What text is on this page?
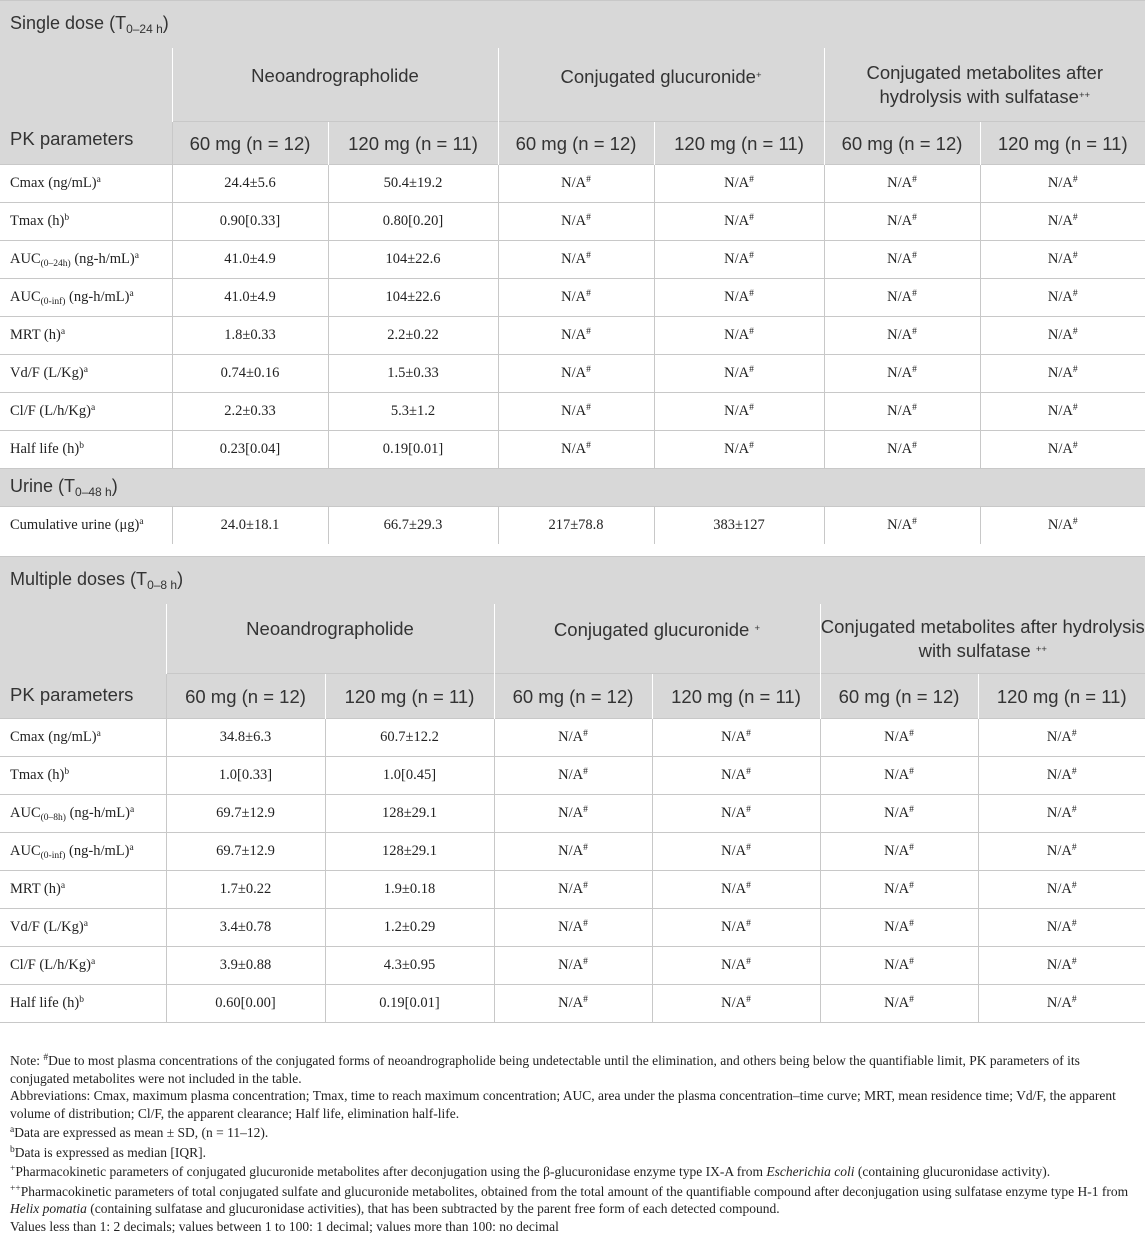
Single dose $(T_{0-24 h})$						
PK parameters	Neoandrographolide		Conjugated glucuronide+		Conjugated metabolites after hydrolysis with sulfatase++
	60 mg (n = 12)	120 mg (n = 11)	60 mg (n = 12)	120 mg (n = 11)	60 mg (n = 12)	120 mg (n = 11)
Cmax $(ng/mL)^a$	24.4±5.6	50.4±19.2	N/A#	N/A#	N/A#	N/A#
Tmax $(h)^b$	0.90[0.33]	0.80[0.20]	N/A#	N/A#	N/A#	N/A#
$AUC_{(0-24h)}$ $(ng-h/mL)^a$	41.0±4.9	104±22.6	N/A#	N/A#	N/A#	N/A#
$AUC_{(0-inf)}$ $(ng-h/mL)^a$	41.0±4.9	104±22.6	N/A#	N/A#	N/A#	N/A#
MRT $(h)^a$	1.8±0.33	2.2±0.22	N/A#	N/A#	N/A#	N/A#
Vd/F $(L/Kg)^a$	0.74±0.16	1.5±0.33	N/A#	N/A#	N/A#	N/A#
Cl/F $(L/h/Kg)^a$	2.2±0.33	5.3±1.2	N/A#	N/A#	N/A#	N/A#
Half life $(h)^b$	0.23[0.04]	0.19[0.01]	N/A#	N/A#	N/A#	N/A#
Urine $(T_{0-48 h})$						
Cumulative urine $(\mu g)^a$	24.0±18.1	66.7±29.3	217±78.8	383±127	N/A#	N/A#
Multiple doses $(T_{0-8 h})$						
PK parameters	Neoandrographolide		Conjugated glucuronide +		Conjugated metabolites after hydrolysis with sulfatase ++
	60 mg (n = 12)	120 mg (n = 11)	60 mg (n = 12)	120 mg (n = 11)	60 mg (n = 12)	120 mg (n = 11)
Cmax $(ng/mL)^a$	34.8±6.3	60.7±12.2	N/A#	N/A#	N/A#	N/A#
Tmax $(h)^b$	1.0[0.33]	1.0[0.45]	N/A#	N/A#	N/A#	N/A#
$AUC_{(0-8h)}$ $(ng-h/mL)^a$	69.7±12.9	128±29.1	N/A#	N/A#	N/A#	N/A#
$AUC_{(0-inf)}$ $(ng-h/mL)^a$	69.7±12.9	128±29.1	N/A#	N/A#	N/A#	N/A#
MRT $(h)^a$	1.7±0.22	1.9±0.18	N/A#	N/A#	N/A#	N/A#
Vd/F $(L/Kg)^a$	3.4±0.78	1.2±0.29	N/A#	N/A#	N/A#	N/A#
Cl/F $(L/h/Kg)^a$	3.9±0.88	4.3±0.95	N/A#	N/A#	N/A#	N/A#
Half life $(h)^b$	0.60[0.00]	0.19[0.01]	N/A#	N/A#	N/A#	N/A#

Note: #Due to most plasma concentrations of the conjugated forms of neoandrographolide being undetectable until the elimination, and others being below the quantifiable limit, PK parameters of its conjugated metabolites were not included in the table.

Abbreviations: Cmax, maximum plasma concentration; Tmax, time to reach maximum concentration; AUC, area under the plasma concentration–time curve; MRT, mean residence time; Vd/F, the apparent volume of distribution; Cl/F, the apparent clearance; Half life, elimination half-life.

$^a$Data are expressed as mean ± SD, (n = 11–12).

$^b$Data is expressed as median [IQR].

+Pharmacokinetic parameters of conjugated glucuronide metabolites after deconjugation using the β-glucuronidase enzyme type IX-A from Escherichia coli (containing glucuronidase activity).

++Pharmacokinetic parameters of total conjugated sulfate and glucuronide metabolites, obtained from the total amount of the quantifiable compound after deconjugation using sulfatase enzyme type H-1 from Helix pomatia (containing sulfatase and glucuronidase activities), that has been subtracted by the parent free form of each detected compound.

Values less than 1: 2 decimals; values between 1 to 100: 1 decimal; values more than 100: no decimal
